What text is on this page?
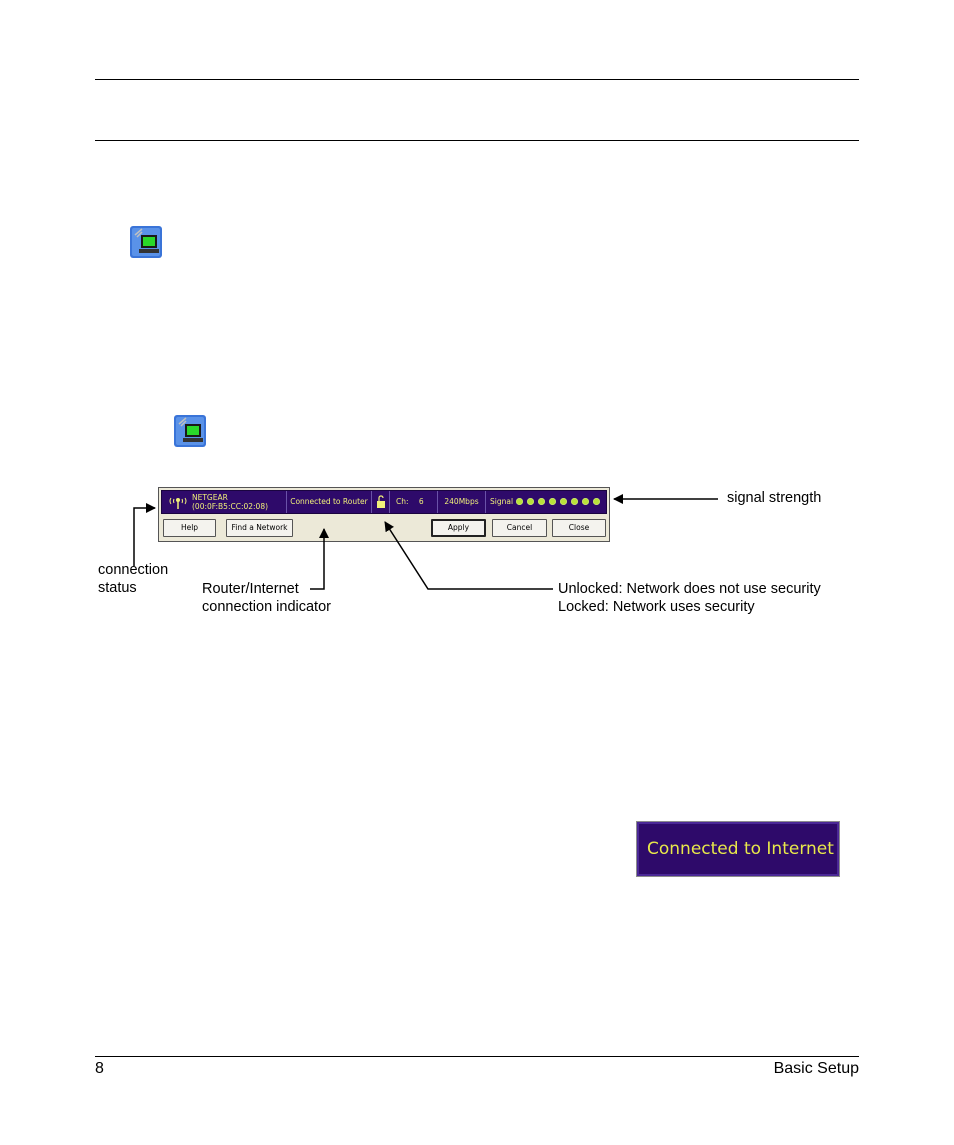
NETGEAR
(00:0F:B5:CC:02:08)
Connected to Router	Ch: 6	240Mbps	Signal
Help	Find a Network	Apply	Cancel	Close
signal strength
connection
status	Router/Internet
connection indicator
Unlocked: Network does not use security
Locked: Network uses security
Connected to Internet
8	Basic Setup
